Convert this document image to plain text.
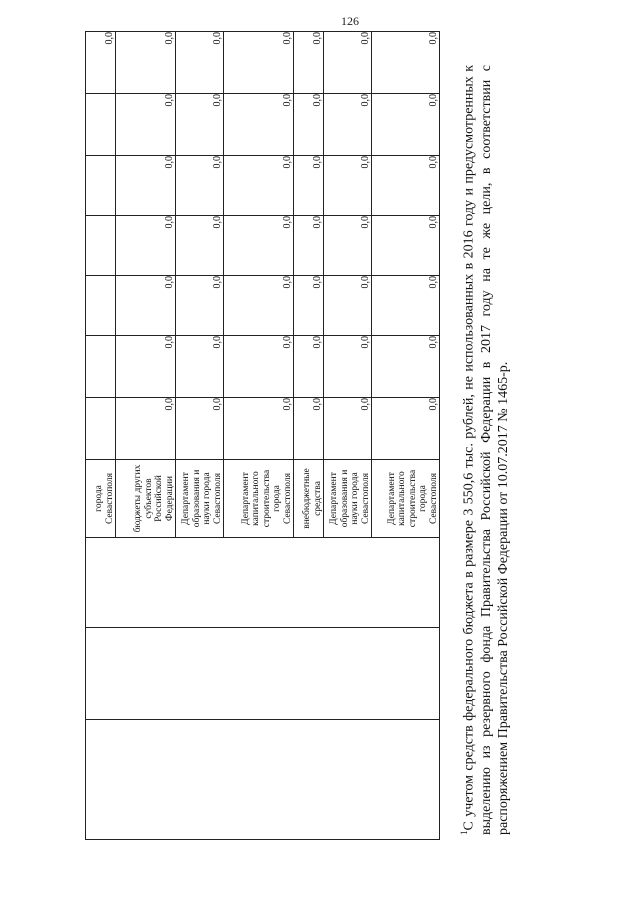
126
			города Севастополя							0,0
			бюджеты других субъектов Российской Федерации	0,0	0,0	0,0	0,0	0,0	0,0	0,0
			Департамент образования и науки города Севастополя	0,0	0,0	0,0	0,0	0,0	0,0	0,0
			Департамент капитального строительства города Севастополя	0,0	0,0	0,0	0,0	0,0	0,0	0,0
			внебюджетные средства	0,0	0,0	0,0	0,0	0,0	0,0	0,0
			Департамент образования и науки города Севастополя	0,0	0,0	0,0	0,0	0,0	0,0	0,0
			Департамент капитального строительства города Севастополя	0,0	0,0	0,0	0,0	0,0	0,0	0,0
$^1$С учетом средств федерального бюджета в размере 3 550,6 тыс. рублей, не использованных в 2016 году и предусмотренных к выделению из резервного фонда Правительства Российской Федерации в 2017 году на те же цели, в соответствии с распоряжением Правительства Российской Федерации от 10.07.2017 № 1465-р.
